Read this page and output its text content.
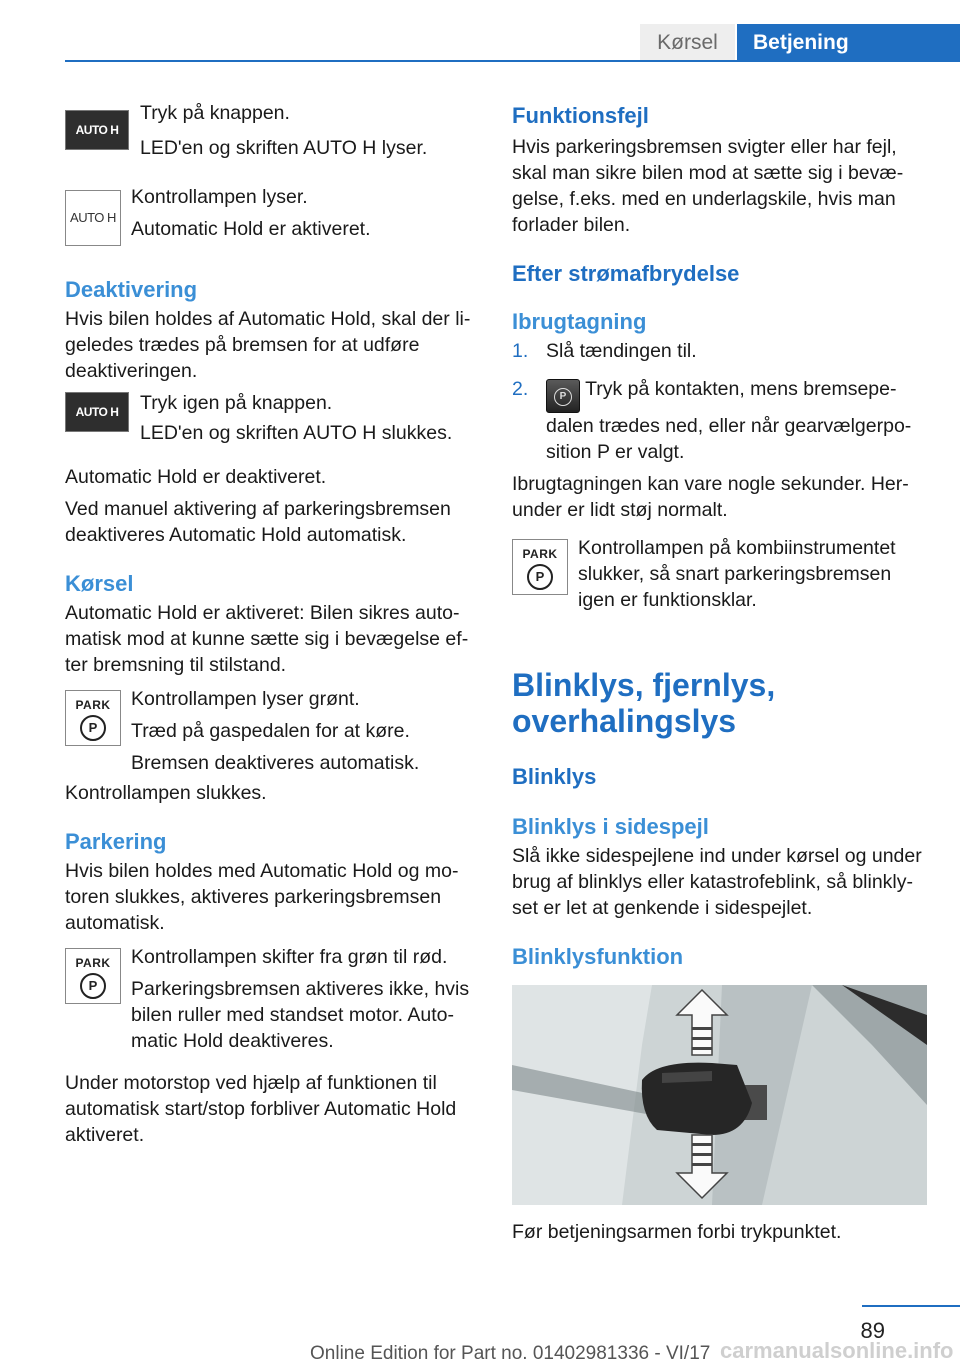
Kørsel	Betjening
AUTO H

Tryk på knappen.

LED'en og skriften AUTO H lyser.

AUTO H

Kontrollampen lyser.

Automatic Hold er aktiveret.

Deaktivering

Hvis bilen holdes af Automatic Hold, skal der li-geledes trædes på bremsen for at udføre deaktiveringen.

AUTO H	Tryk igen på knappen.

LED'en og skriften AUTO H slukkes.

Automatic Hold er deaktiveret.

Ved manuel aktivering af parkeringsbremsen deaktiveres Automatic Hold automatisk.

Kørsel

Automatic Hold er aktiveret: Bilen sikres auto-matisk mod at kunne sætte sig i bevægelse ef-ter bremsning til stilstand.

PARK
P

Kontrollampen lyser grønt.

Træd på gaspedalen for at køre.

Bremsen deaktiveres automatisk.

Kontrollampen slukkes.

Parkering

Hvis bilen holdes med Automatic Hold og mo-toren slukkes, aktiveres parkeringsbremsen automatisk.

PARK
P

Kontrollampen skifter fra grøn til rød.

Parkeringsbremsen aktiveres ikke, hvis bilen ruller med standset motor. Auto-matic Hold deaktiveres.

Under motorstop ved hjælp af funktionen til automatisk start/stop forbliver Automatic Hold aktiveret.

Funktionsfejl

Hvis parkeringsbremsen svigter eller har fejl, skal man sikre bilen mod at sætte sig i bevæ-gelse, f.eks. med en underlagskile, hvis man forlader bilen.

Efter strømafbrydelse
Ibrugtagning
1. Slå tændingen til.
2.	P Tryk på kontakten, mens bremsepe-dalen trædes ned, eller når gearvælgerpo-sition P er valgt.

Ibrugtagningen kan vare nogle sekunder. Her-under er lidt støj normalt.

PARK
P

Kontrollampen på kombiinstrumentet slukker, så snart parkeringsbremsen igen er funktionsklar.

Blinklys, fjernlys, overhalingslys
Blinklys
Blinklys i sidespejl

Slå ikke sidespejlene ind under kørsel og under brug af blinklys eller katastrofeblink, så blinkly-set er let at genkende i sidespejlet.

Blinklysfunktion

Før betjeningsarmen forbi trykpunktet.

89
carmanualsonline.info
Online Edition for Part no. 01402981336 - VI/17
